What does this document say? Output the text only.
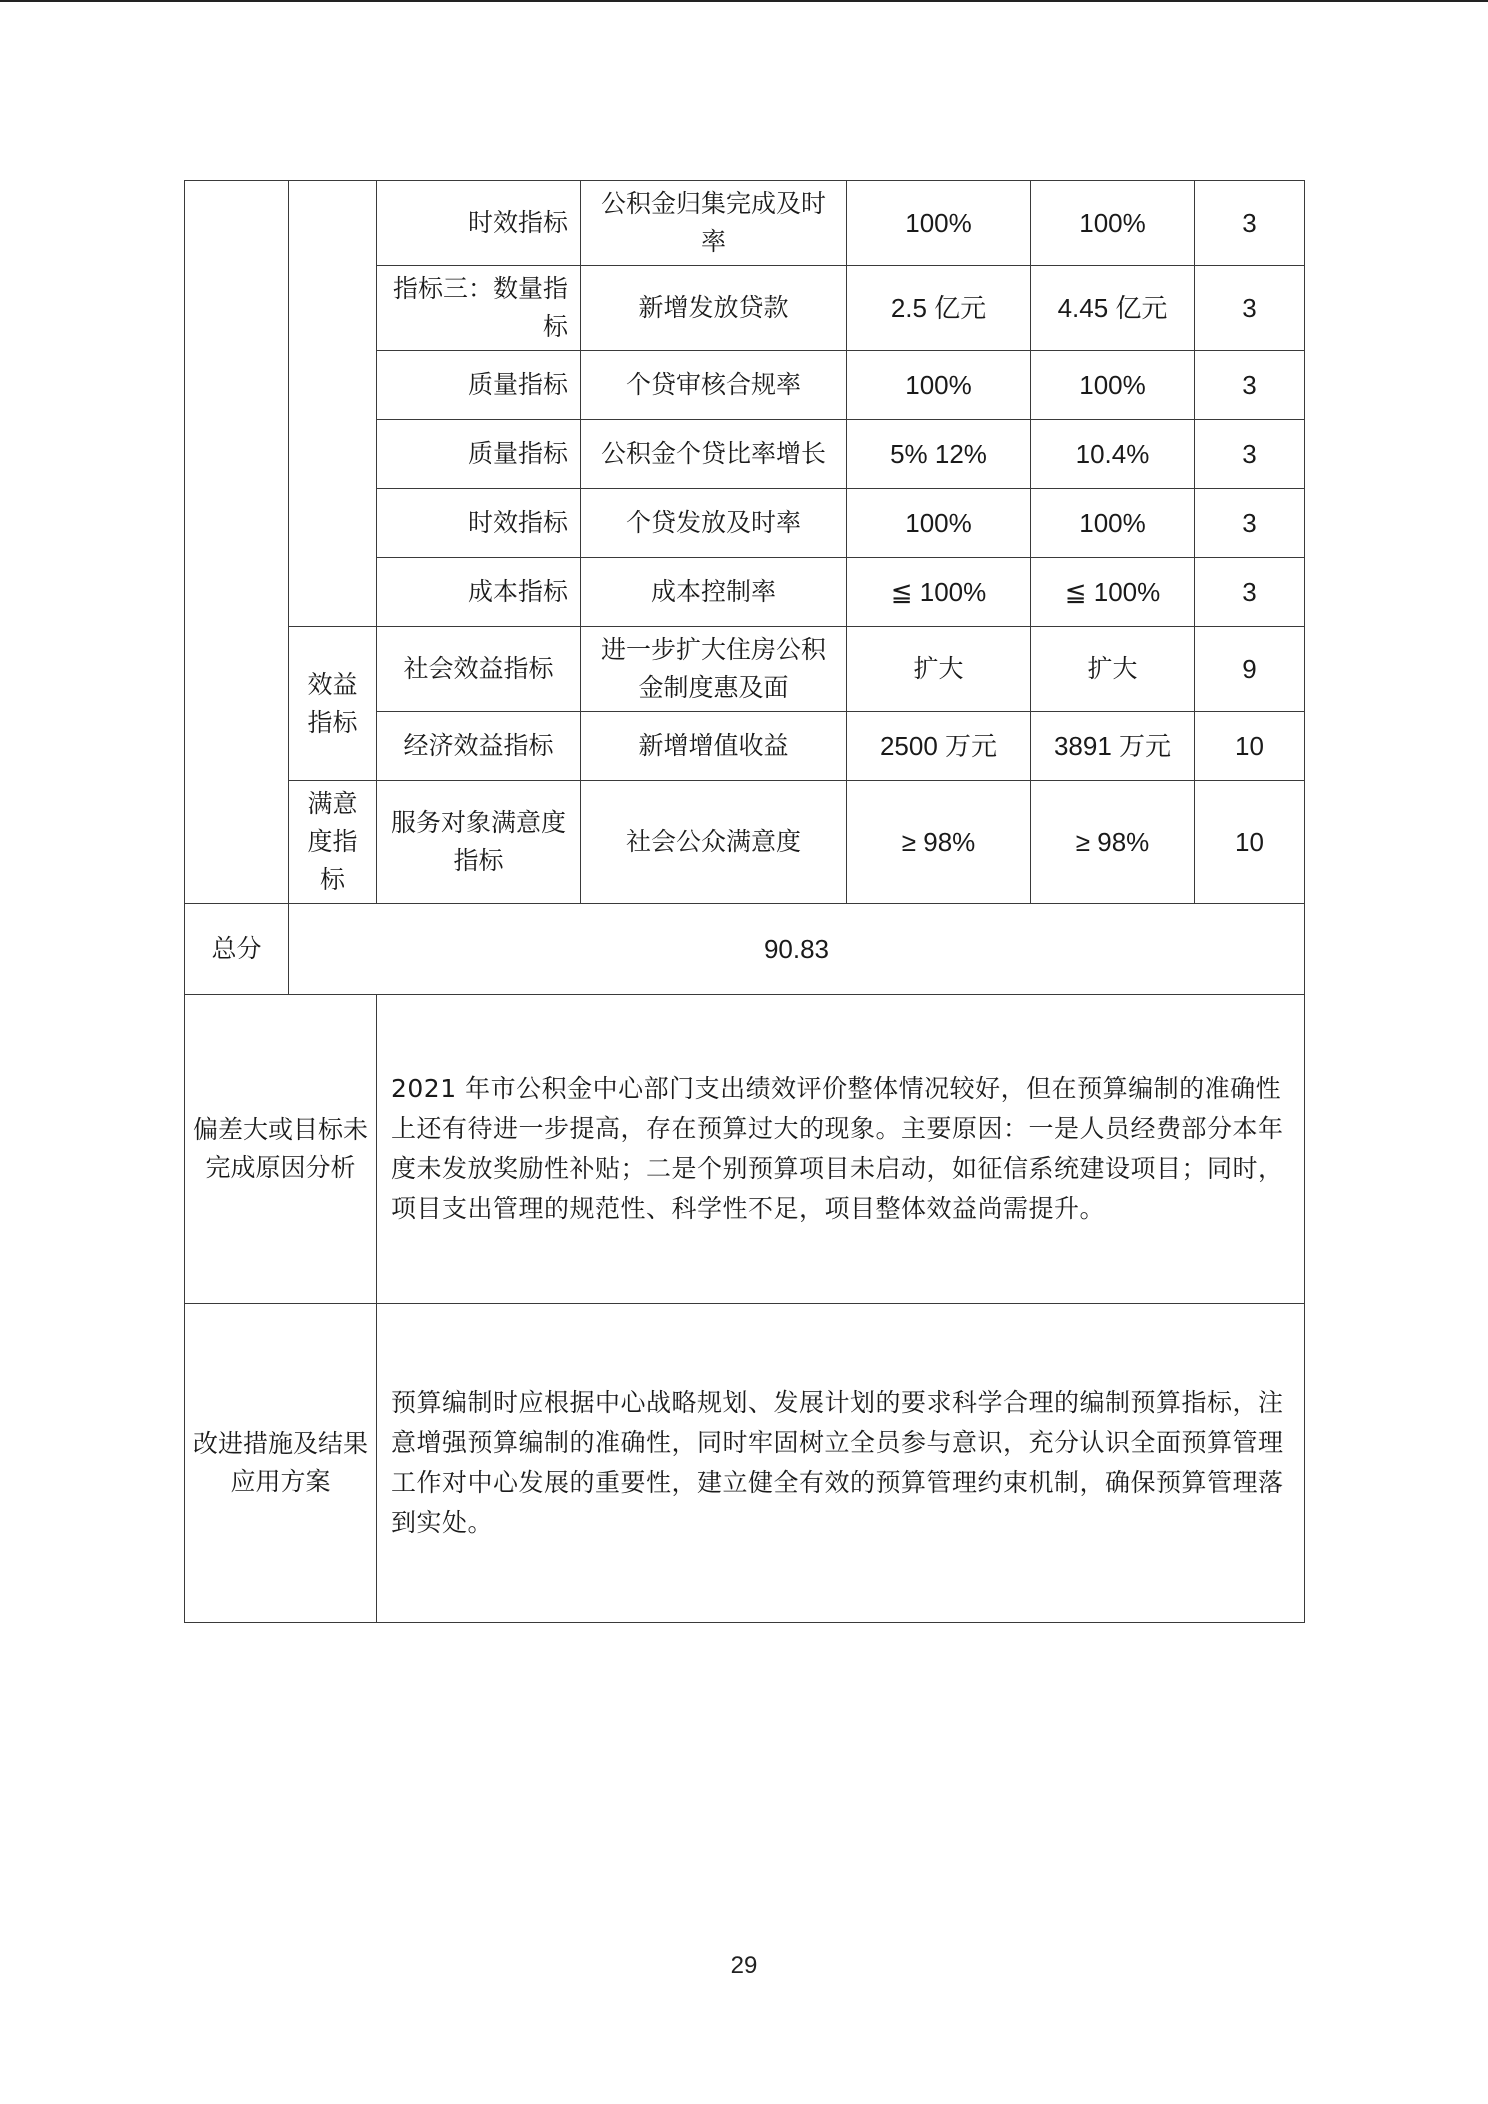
		时效指标	公积金归集完成及时率	100%	100%	3
		指标三：数量指标	新增发放贷款	2.5 亿元	4.45 亿元	3
		质量指标	个贷审核合规率	100%	100%	3
		质量指标	公积金个贷比率增长	5% 12%	10.4%	3
		时效指标	个贷发放及时率	100%	100%	3
		成本指标	成本控制率	≦ 100%	≦ 100%	3
	效益指标	社会效益指标	进一步扩大住房公积金制度惠及面	扩大	扩大	9
		经济效益指标	新增增值收益	2500 万元	3891 万元	10
	满意度指标	服务对象满意度指标	社会公众满意度	≥ 98%	≥ 98%	10
总分	90.83					
偏差大或目标未完成原因分析		2021 年市公积金中心部门支出绩效评价整体情况较好，但在预算编制的准确性上还有待进一步提高，存在预算过大的现象。主要原因：一是人员经费部分本年度未发放奖励性补贴；二是个别预算项目未启动，如征信系统建设项目；同时，项目支出管理的规范性、科学性不足，项目整体效益尚需提升。				
改进措施及结果应用方案		预算编制时应根据中心战略规划、发展计划的要求科学合理的编制预算指标，注意增强预算编制的准确性，同时牢固树立全员参与意识，充分认识全面预算管理工作对中心发展的重要性，建立健全有效的预算管理约束机制，确保预算管理落到实处。				
29
